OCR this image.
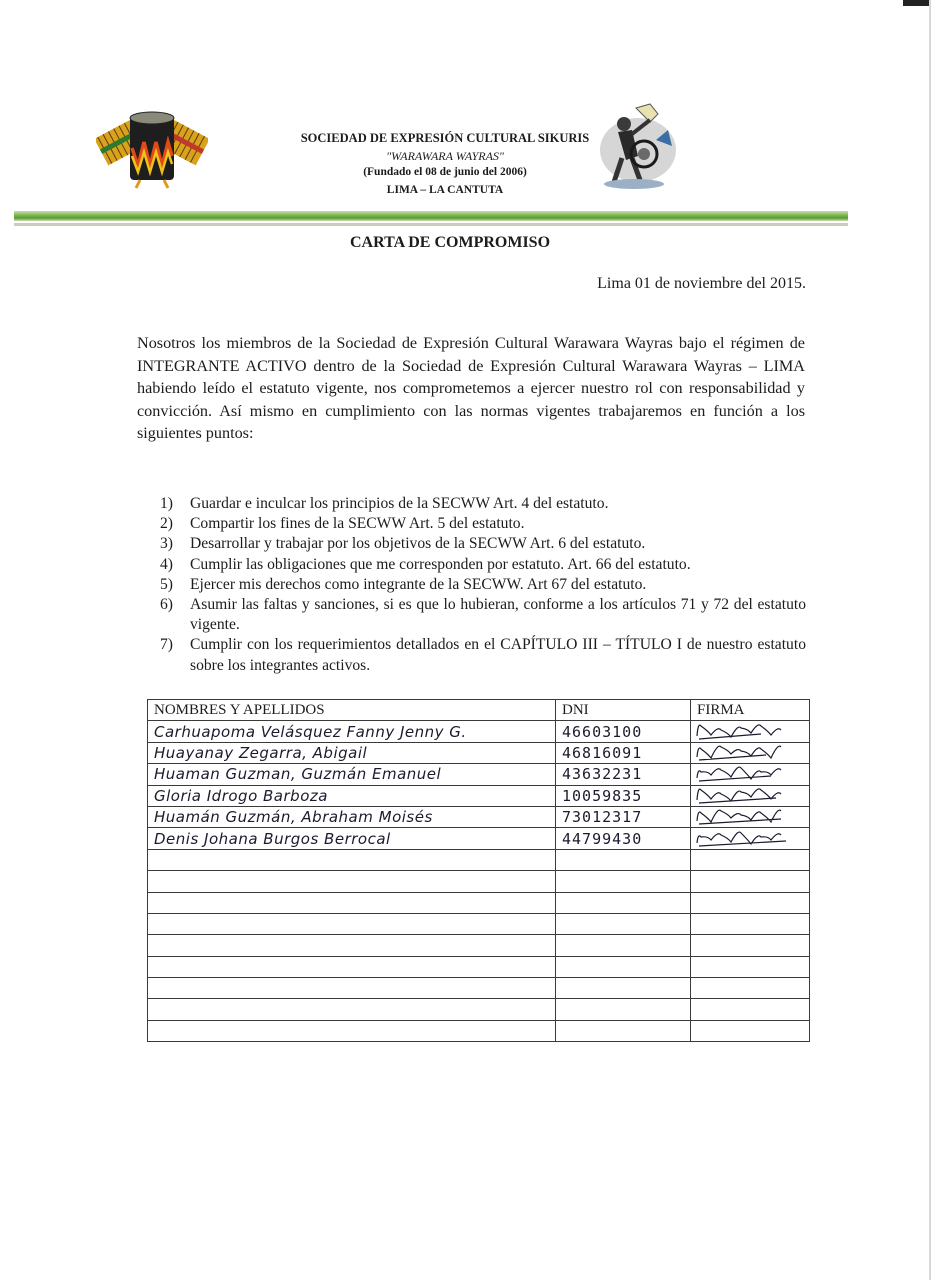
SOCIEDAD DE EXPRESIÓN CULTURAL SIKURIS
"WARAWARA WAYRAS"
(Fundado el 08 de junio del 2006)
LIMA – LA CANTUTA
CARTA DE COMPROMISO
Lima 01 de noviembre del 2015.

Nosotros los miembros de la Sociedad de Expresión Cultural Warawara Wayras bajo el régimen de INTEGRANTE ACTIVO dentro de la Sociedad de Expresión Cultural Warawara Wayras – LIMA habiendo leído el estatuto vigente, nos comprometemos a ejercer nuestro rol con responsabilidad y convicción. Así mismo en cumplimiento con las normas vigentes trabajaremos en función a los siguientes puntos:

1) Guardar e inculcar los principios de la SECWW Art. 4 del estatuto.
2) Compartir los fines de la SECWW Art. 5 del estatuto.
3) Desarrollar y trabajar por los objetivos de la SECWW Art. 6 del estatuto.
4) Cumplir las obligaciones que me corresponden por estatuto. Art. 66 del estatuto.
5) Ejercer mis derechos como integrante de la SECWW. Art 67 del estatuto.
6) Asumir las faltas y sanciones, si es que lo hubieran, conforme a los artículos 71 y 72 del estatuto vigente.
7) Cumplir con los requerimientos detallados en el CAPÍTULO III – TÍTULO I de nuestro estatuto sobre los integrantes activos.
NOMBRES Y APELLIDOS	DNI	FIRMA
Carhuapoma Velásquez Fanny Jenny G.	46603100	

Huayanay Zegarra, Abigail	46816091	

Huaman Guzman, Guzmán Emanuel	43632231	

Gloria Idrogo Barboza	10059835	

Huamán Guzmán, Abraham Moisés	73012317	

Denis Johana Burgos Berrocal	44799430	
